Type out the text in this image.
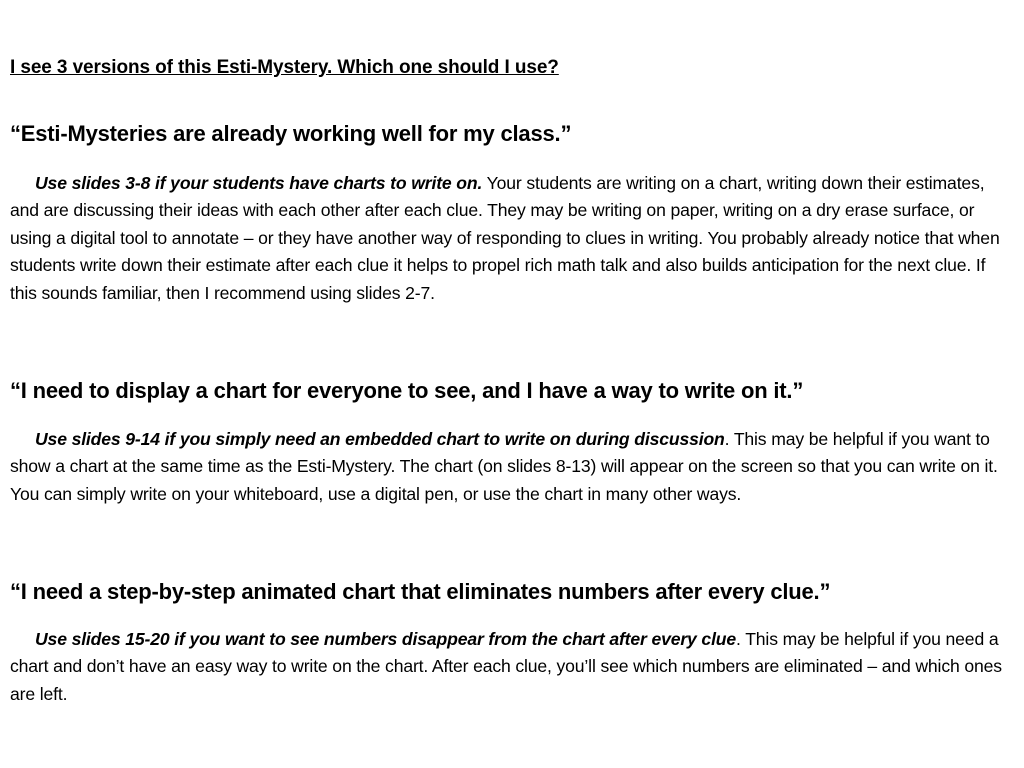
I see 3 versions of this Esti-Mystery. Which one should I use?
“Esti-Mysteries are already working well for my class.”
Use slides 3-8 if your students have charts to write on. Your students are writing on a chart, writing down their estimates, and are discussing their ideas with each other after each clue. They may be writing on paper, writing on a dry erase surface, or using a digital tool to annotate – or they have another way of responding to clues in writing. You probably already notice that when students write down their estimate after each clue it helps to propel rich math talk and also builds anticipation for the next clue. If this sounds familiar, then I recommend using slides 2-7.
“I need to display a chart for everyone to see, and I have a way to write on it.”
Use slides 9-14 if you simply need an embedded chart to write on during discussion. This may be helpful if you want to show a chart at the same time as the Esti-Mystery. The chart (on slides 8-13) will appear on the screen so that you can write on it. You can simply write on your whiteboard, use a digital pen, or use the chart in many other ways.
“I need a step-by-step animated chart that eliminates numbers after every clue.”
Use slides 15-20 if you want to see numbers disappear from the chart after every clue. This may be helpful if you need a chart and don’t have an easy way to write on the chart. After each clue, you’ll see which numbers are eliminated – and which ones are left.
